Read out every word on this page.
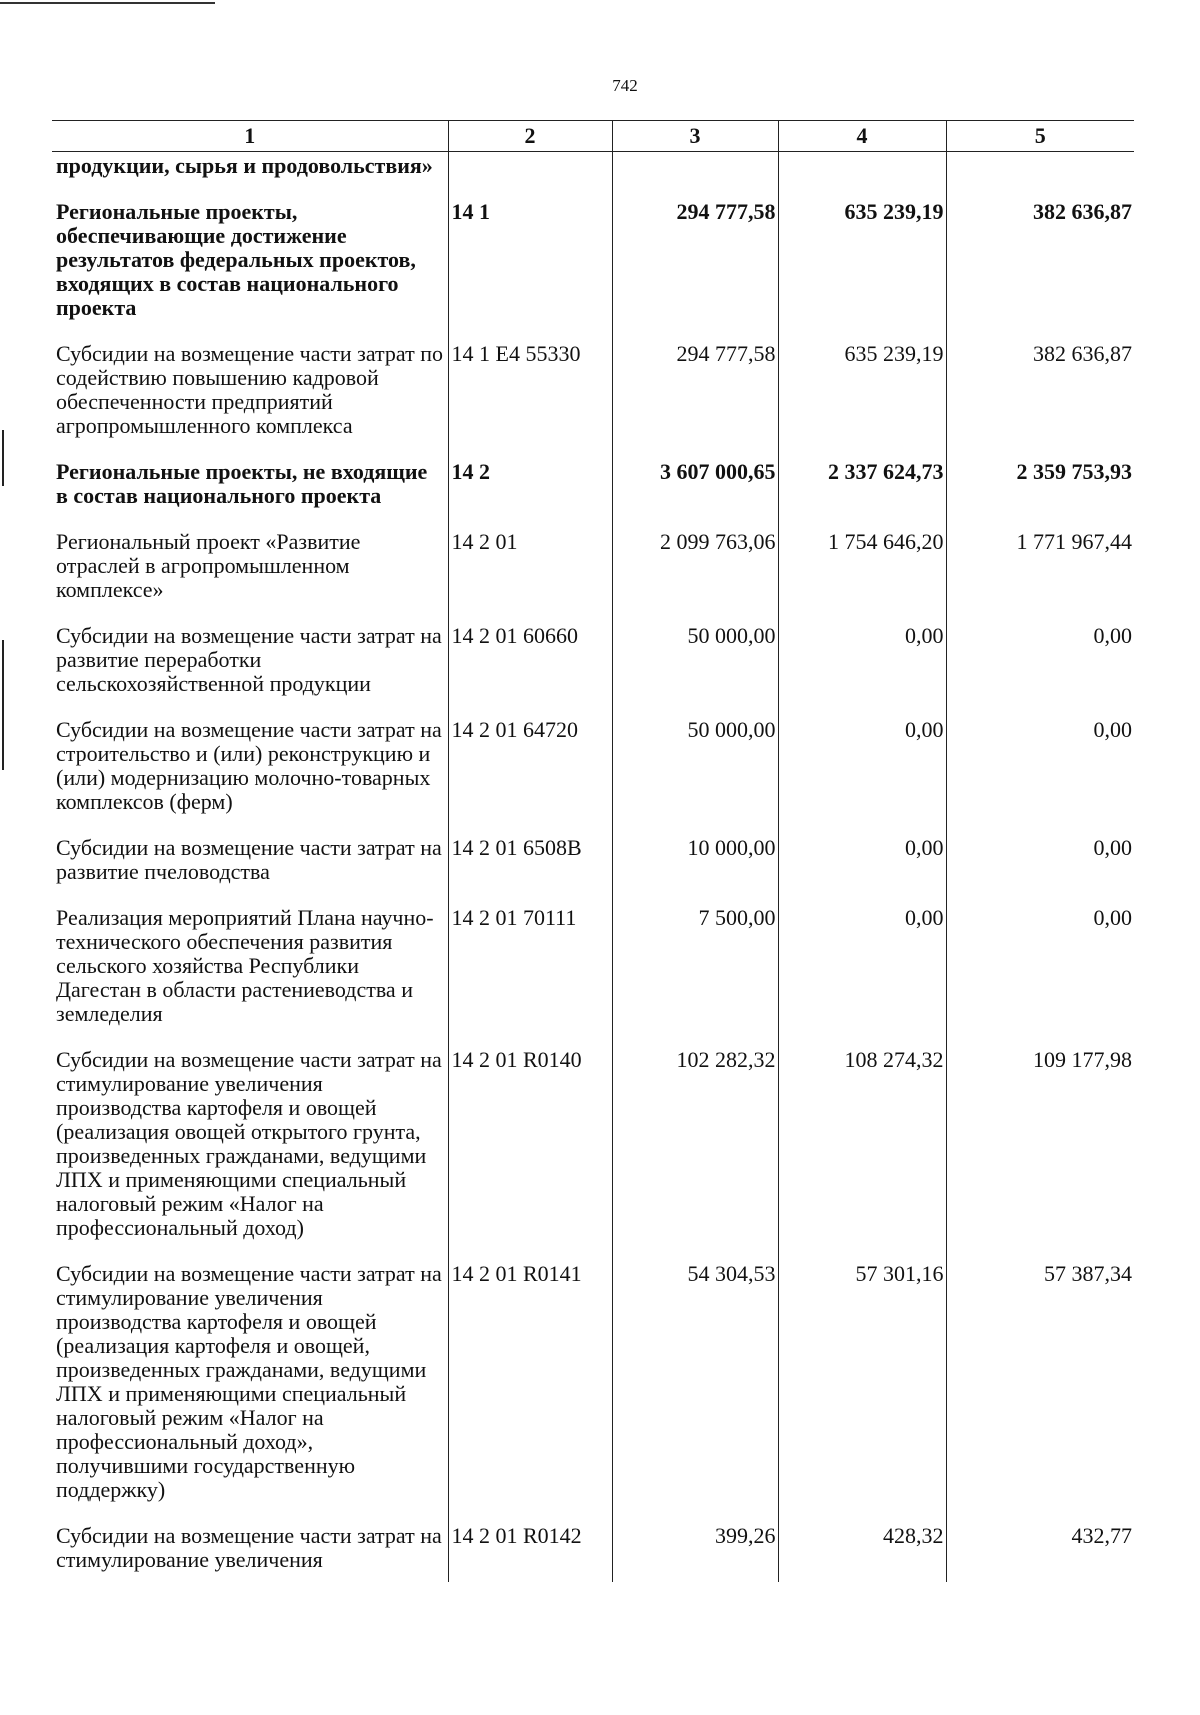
742
1	2	3	4	5
продукции, сырья и продовольствия»				
Региональные проекты, обеспечивающие достижение результатов федеральных проектов, входящих в состав национального проекта	14 1	294 777,58	635 239,19	382 636,87
Субсидии на возмещение части затрат по содействию повышению кадровой обеспеченности предприятий агропромышленного комплекса	14 1 E4 55330	294 777,58	635 239,19	382 636,87
Региональные проекты, не входящие в состав национального проекта	14 2	3 607 000,65	2 337 624,73	2 359 753,93
Региональный проект «Развитие отраслей в агропромышленном комплексе»	14 2 01	2 099 763,06	1 754 646,20	1 771 967,44
Субсидии на возмещение части затрат на развитие переработки сельскохозяйственной продукции	14 2 01 60660	50 000,00	0,00	0,00
Субсидии на возмещение части затрат на строительство и (или) реконструкцию и (или) модернизацию молочно-товарных комплексов (ферм)	14 2 01 64720	50 000,00	0,00	0,00
Субсидии на возмещение части затрат на развитие пчеловодства	14 2 01 6508B	10 000,00	0,00	0,00
Реализация мероприятий Плана научно-технического обеспечения развития сельского хозяйства Республики Дагестан в области растениеводства и земледелия	14 2 01 70111	7 500,00	0,00	0,00
Субсидии на возмещение части затрат на стимулирование увеличения производства картофеля и овощей (реализация овощей открытого грунта, произведенных гражданами, ведущими ЛПХ и применяющими специальный налоговый режим «Налог на профессиональный доход)	14 2 01 R0140	102 282,32	108 274,32	109 177,98
Субсидии на возмещение части затрат на стимулирование увеличения производства картофеля и овощей (реализация картофеля и овощей, произведенных гражданами, ведущими ЛПХ и применяющими специальный налоговый режим «Налог на профессиональный доход», получившими государственную поддержку)	14 2 01 R0141	54 304,53	57 301,16	57 387,34
Субсидии на возмещение части затрат на стимулирование увеличения	14 2 01 R0142	399,26	428,32	432,77
